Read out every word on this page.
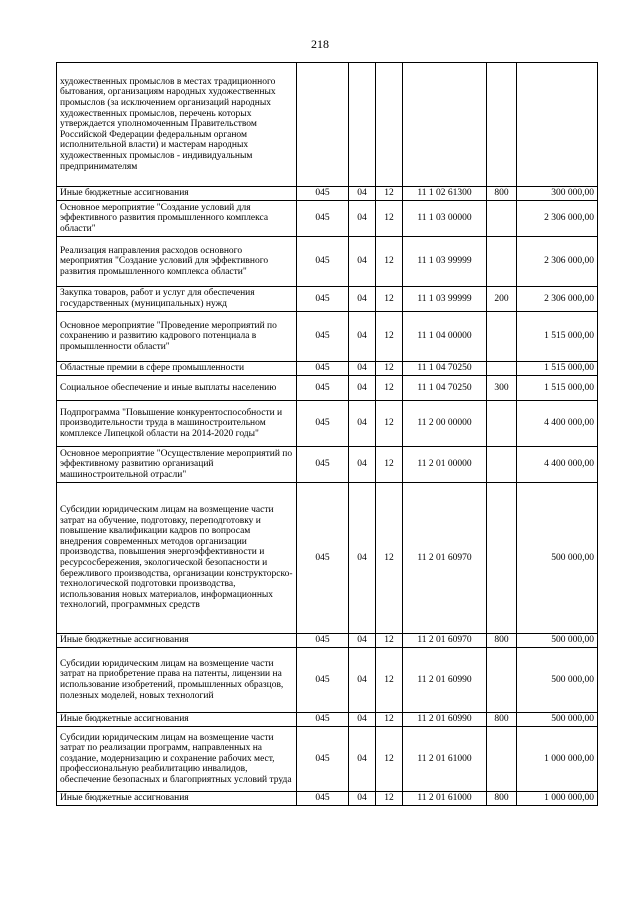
218
художественных промыслов в местах традиционного бытования, организациям народных художественных промыслов (за исключением организаций народных художественных промыслов, перечень которых утверждается уполномоченным Правительством Российской Федерации федеральным органом исполнительной власти) и мастерам народных художественных промыслов - индивидуальным предпринимателям						
Иные бюджетные ассигнования	045	04	12	11 1 02 61300	800	300 000,00
Основное мероприятие "Создание условий для эффективного развития промышленного комплекса области"	045	04	12	11 1 03 00000		2 306 000,00
Реализация направления расходов основного мероприятия "Создание условий для эффективного развития промышленного комплекса области"	045	04	12	11 1 03 99999		2 306 000,00
Закупка товаров, работ и услуг для обеспечения государственных (муниципальных) нужд	045	04	12	11 1 03 99999	200	2 306 000,00
Основное мероприятие "Проведение мероприятий по сохранению и развитию кадрового потенциала в промышленности области"	045	04	12	11 1 04 00000		1 515 000,00
Областные премии в сфере промышленности	045	04	12	11 1 04 70250		1 515 000,00
Социальное обеспечение и иные выплаты населению	045	04	12	11 1 04 70250	300	1 515 000,00
Подпрограмма "Повышение конкурентоспособности и производительности труда в машиностроительном комплексе Липецкой области на 2014-2020 годы"	045	04	12	11 2 00 00000		4 400 000,00
Основное мероприятие "Осуществление мероприятий по эффективному развитию организаций машиностроительной отрасли"	045	04	12	11 2 01 00000		4 400 000,00
Субсидии юридическим лицам на возмещение части затрат на обучение, подготовку, переподготовку и повышение квалификации кадров по вопросам внедрения современных методов организации производства, повышения энергоэффективности и ресурсосбережения, экологической безопасности и бережливого производства, организации конструкторско-технологической подготовки производства, использования новых материалов, информационных технологий, программных средств	045	04	12	11 2 01 60970		500 000,00
Иные бюджетные ассигнования	045	04	12	11 2 01 60970	800	500 000,00
Субсидии юридическим лицам на возмещение части затрат на приобретение права на патенты, лицензии на использование изобретений, промышленных образцов, полезных моделей, новых технологий	045	04	12	11 2 01 60990		500 000,00
Иные бюджетные ассигнования	045	04	12	11 2 01 60990	800	500 000,00
Субсидии юридическим лицам на возмещение части затрат по реализации программ, направленных на создание, модернизацию и сохранение рабочих мест, профессиональную реабилитацию инвалидов, обеспечение безопасных и благоприятных условий труда	045	04	12	11 2 01 61000		1 000 000,00
Иные бюджетные ассигнования	045	04	12	11 2 01 61000	800	1 000 000,00
